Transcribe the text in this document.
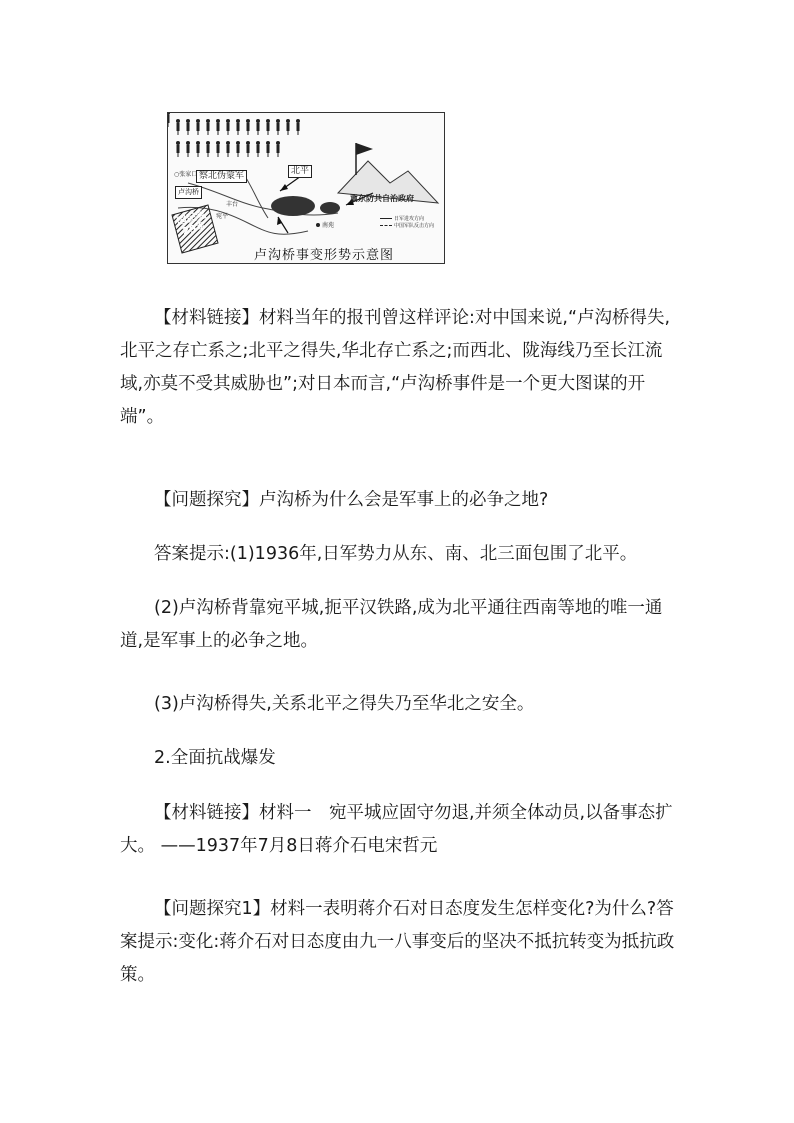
察北伪蒙军	北平
卢沟桥
冀东防共自治政府
南苑
○张家口
丰台
宛平
国民党29军
日军进攻方向
中国军队反击方向
卢沟桥事变形势示意图

【材料链接】材料当年的报刊曾这样评论:对中国来说,“卢沟桥得失,北平之存亡系之;北平之得失,华北存亡系之;而西北、陇海线乃至长江流域,亦莫不受其威胁也”;对日本而言,“卢沟桥事件是一个更大图谋的开端”。

【问题探究】卢沟桥为什么会是军事上的必争之地?

答案提示:(1)1936年,日军势力从东、南、北三面包围了北平。

(2)卢沟桥背靠宛平城,扼平汉铁路,成为北平通往西南等地的唯一通道,是军事上的必争之地。

(3)卢沟桥得失,关系北平之得失乃至华北之安全。

2.全面抗战爆发

【材料链接】材料一　宛平城应固守勿退,并须全体动员,以备事态扩大。 ——1937年7月8日蒋介石电宋哲元

【问题探究1】材料一表明蒋介石对日态度发生怎样变化?为什么?答案提示:变化:蒋介石对日态度由九一八事变后的坚决不抵抗转变为抵抗政策。
